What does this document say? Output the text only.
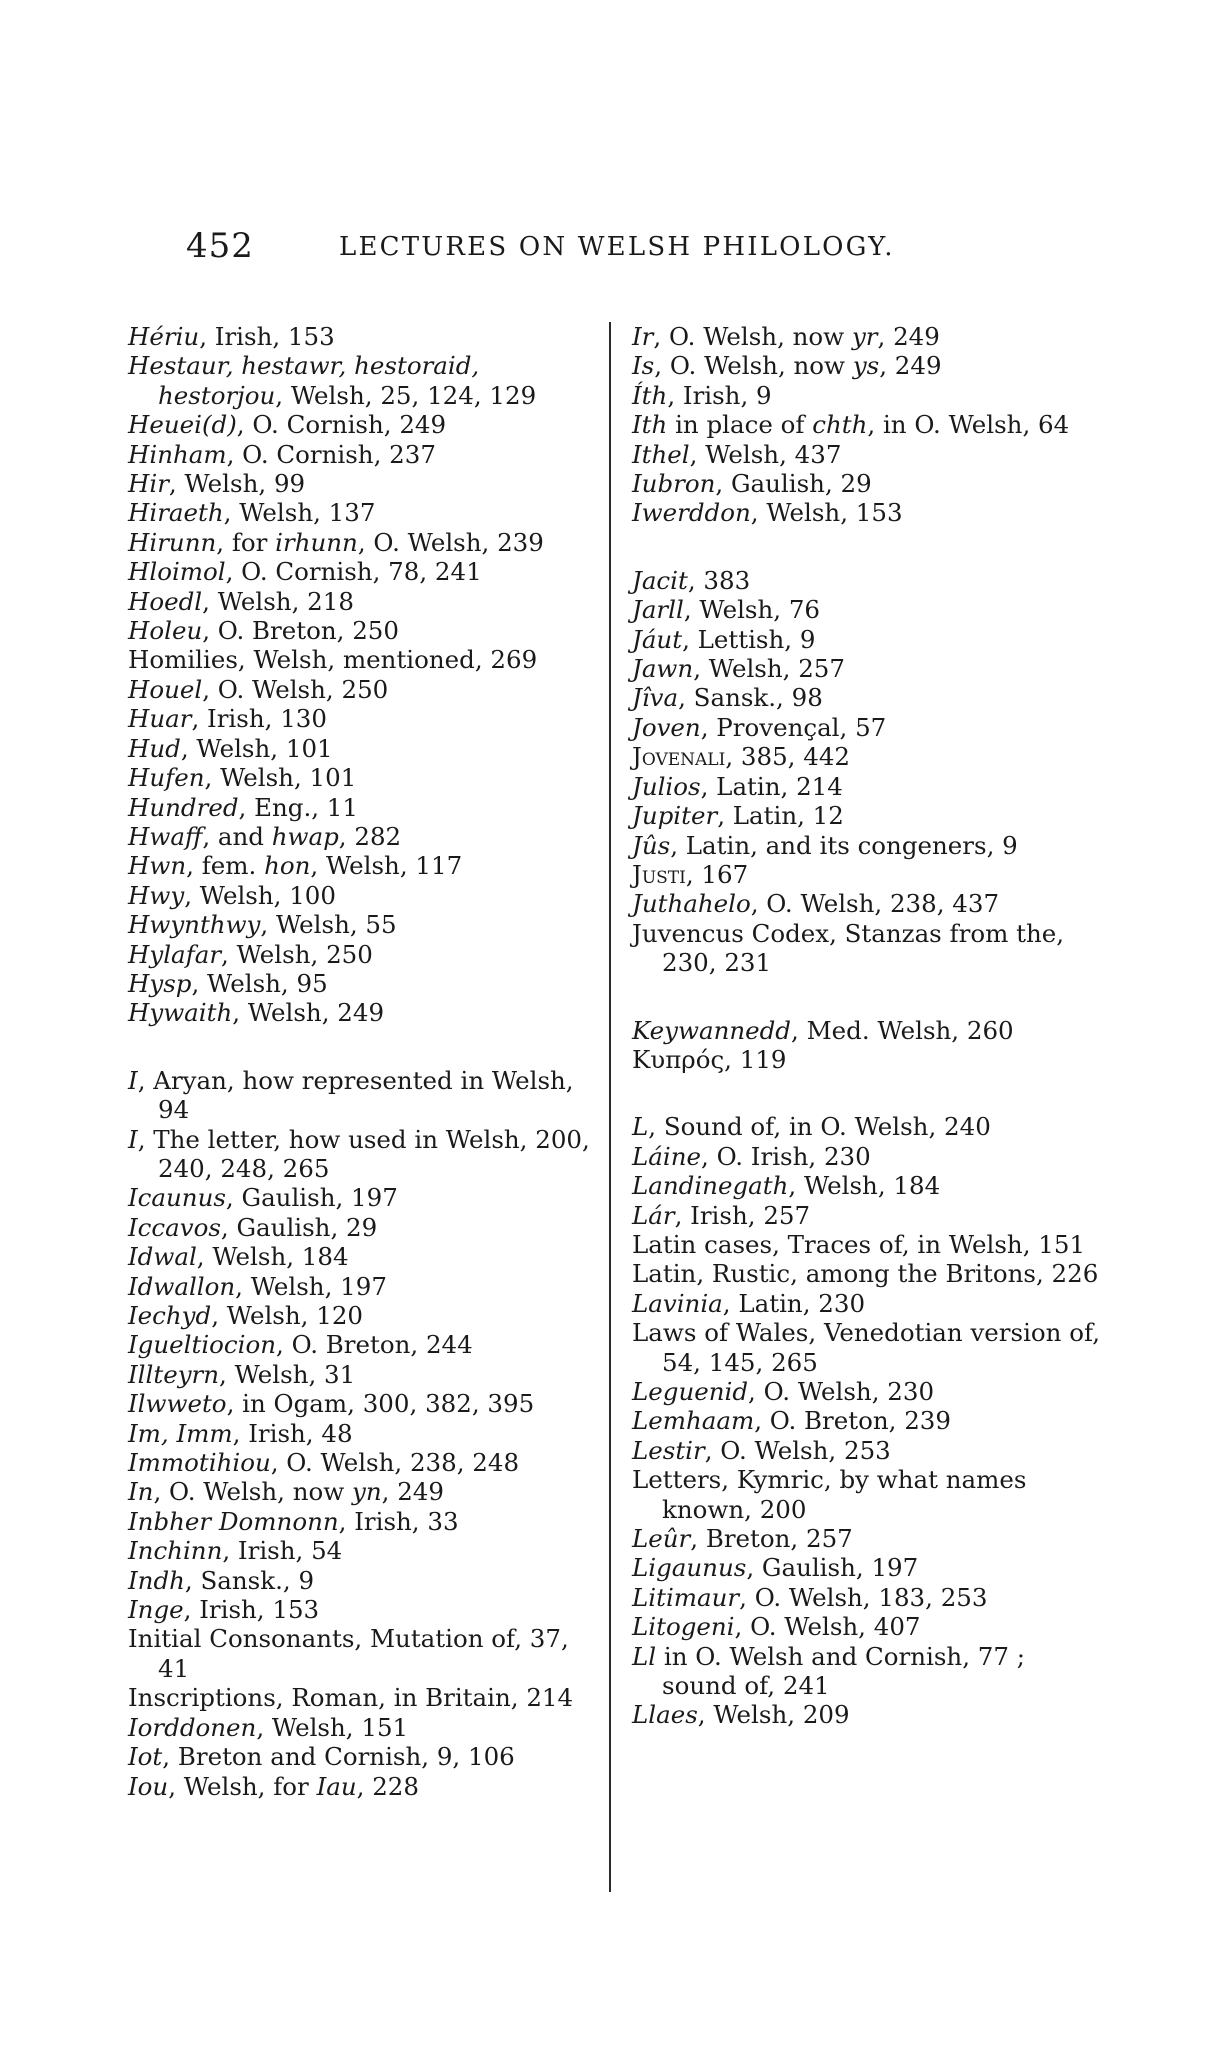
452	LECTURES ON WELSH PHILOLOGY.

Hériu, Irish, 153

Hestaur, hestawr, hestoraid, hestorjou, Welsh, 25, 124, 129

Heuei(d), O. Cornish, 249

Hinham, O. Cornish, 237

Hir, Welsh, 99

Hiraeth, Welsh, 137

Hirunn, for irhunn, O. Welsh, 239

Hloimol, O. Cornish, 78, 241

Hoedl, Welsh, 218

Holeu, O. Breton, 250

Homilies, Welsh, mentioned, 269

Houel, O. Welsh, 250

Huar, Irish, 130

Hud, Welsh, 101

Hufen, Welsh, 101

Hundred, Eng., 11

Hwaff, and hwap, 282

Hwn, fem. hon, Welsh, 117

Hwy, Welsh, 100

Hwynthwy, Welsh, 55

Hylafar, Welsh, 250

Hysp, Welsh, 95

Hywaith, Welsh, 249

I, Aryan, how represented in Welsh, 94

I, The letter, how used in Welsh, 200, 240, 248, 265

Icaunus, Gaulish, 197

Iccavos, Gaulish, 29

Idwal, Welsh, 184

Idwallon, Welsh, 197

Iechyd, Welsh, 120

Igueltiocion, O. Breton, 244

Illteyrn, Welsh, 31

Ilwweto, in Ogam, 300, 382, 395

Im, Imm, Irish, 48

Immotihiou, O. Welsh, 238, 248

In, O. Welsh, now yn, 249

Inbher Domnonn, Irish, 33

Inchinn, Irish, 54

Indh, Sansk., 9

Inge, Irish, 153

Initial Consonants, Mutation of, 37, 41

Inscriptions, Roman, in Britain, 214

Iorddonen, Welsh, 151

Iot, Breton and Cornish, 9, 106

Iou, Welsh, for Iau, 228

Ir, O. Welsh, now yr, 249

Is, O. Welsh, now ys, 249

Íth, Irish, 9

Ith in place of chth, in O. Welsh, 64

Ithel, Welsh, 437

Iubron, Gaulish, 29

Iwerddon, Welsh, 153

Jacit, 383

Jarll, Welsh, 76

Jáut, Lettish, 9

Jawn, Welsh, 257

Jîva, Sansk., 98

Joven, Provençal, 57

Jovenali, 385, 442

Julios, Latin, 214

Jupiter, Latin, 12

Jûs, Latin, and its congeners, 9

Justi, 167

Juthahelo, O. Welsh, 238, 437

Juvencus Codex, Stanzas from the, 230, 231

Keywannedd, Med. Welsh, 260

Κυπρός, 119

L, Sound of, in O. Welsh, 240

Láine, O. Irish, 230

Landinegath, Welsh, 184

Lár, Irish, 257

Latin cases, Traces of, in Welsh, 151

Latin, Rustic, among the Britons, 226

Lavinia, Latin, 230

Laws of Wales, Venedotian version of, 54, 145, 265

Leguenid, O. Welsh, 230

Lemhaam, O. Breton, 239

Lestir, O. Welsh, 253

Letters, Kymric, by what names known, 200

Leûr, Breton, 257

Ligaunus, Gaulish, 197

Litimaur, O. Welsh, 183, 253

Litogeni, O. Welsh, 407

Ll in O. Welsh and Cornish, 77 ; sound of, 241

Llaes, Welsh, 209
